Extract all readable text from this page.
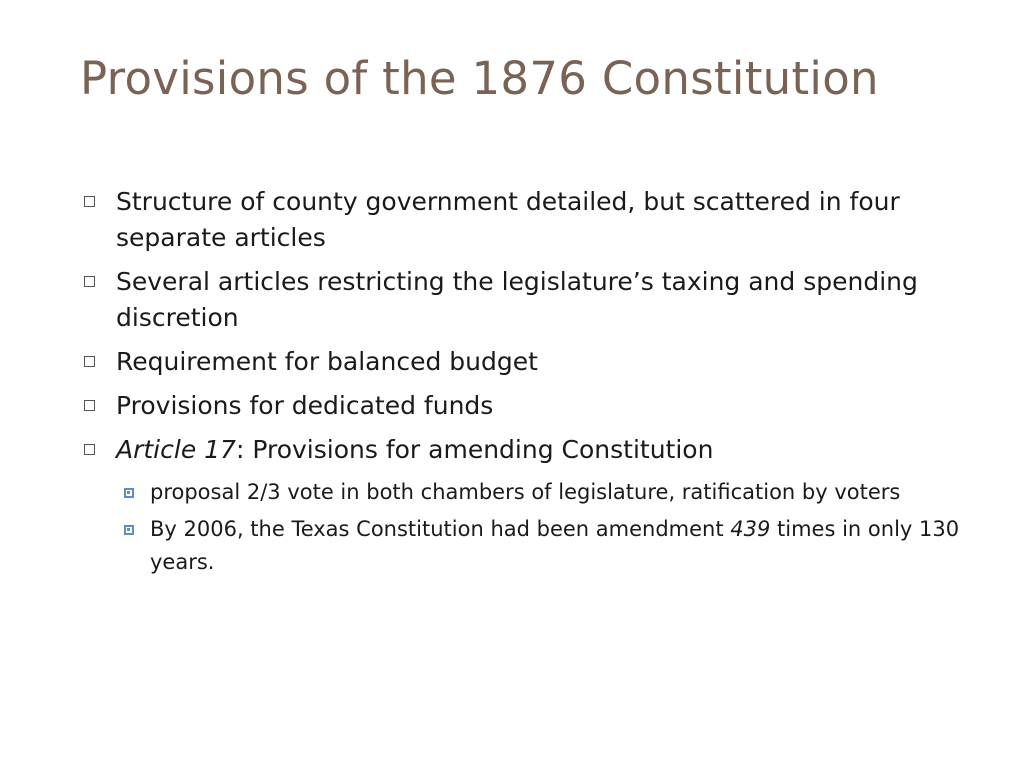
Provisions of the 1876 Constitution
Structure of county government detailed, but scattered in four separate articles
Several articles restricting the legislature’s taxing and spending discretion
Requirement for balanced budget
Provisions for dedicated funds
Article 17: Provisions for amending Constitution
proposal 2/3 vote in both chambers of legislature, ratification by voters
By 2006, the Texas Constitution had been amendment 439 times in only 130 years.
